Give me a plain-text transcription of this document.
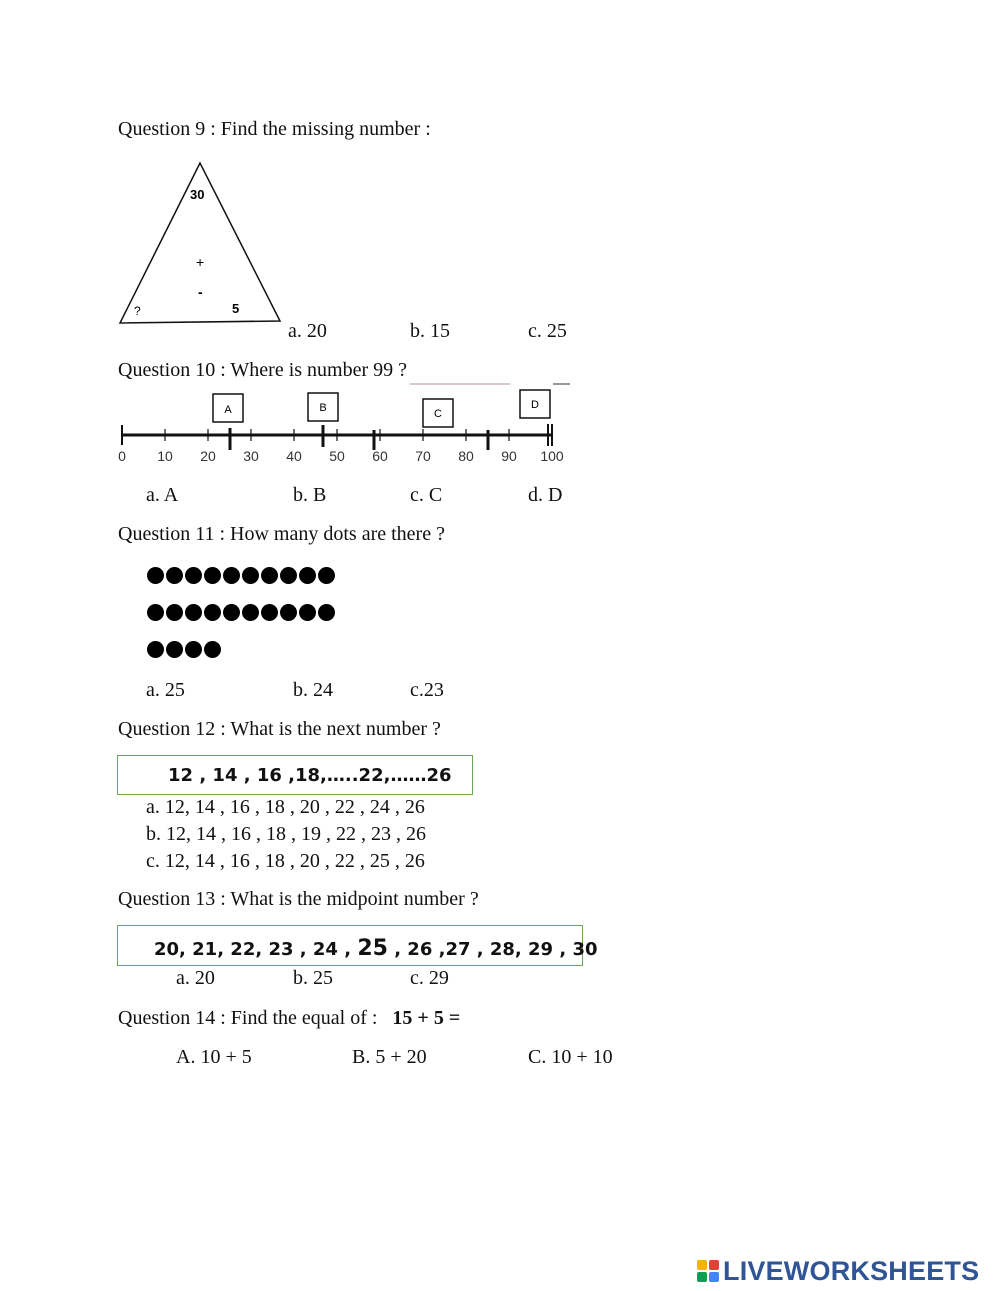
Question 9 : Find the missing number :
30
+
-
?	5
a. 20	b. 15	c. 25
Question 10 : Where is number 99 ?
0 10 20 30 40 50 60 70 80 90 100
A	B	C
D
a. A	b. B	c. C	d. D
Question 11 : How many dots are there ?
a. 25	b. 24	c.23
Question 12 : What is the next number ?
12 , 14 , 16 ,18,…..22,……26
a. 12, 14 , 16 , 18 , 20 , 22 , 24 , 26
b. 12, 14 , 16 , 18 , 19 , 22 , 23 , 26
c. 12, 14 , 16 , 18 , 20 , 22 , 25 , 26
Question 13 : What is the midpoint number ?
20, 21, 22, 23 , 24 , 25 , 26 ,27 , 28, 29 , 30
a. 20	b. 25	c. 29
Question 14 : Find the equal of : 15 + 5 =
A. 10 + 5	B. 5 + 20	C. 10 + 10
LIVEWORKSHEETS
